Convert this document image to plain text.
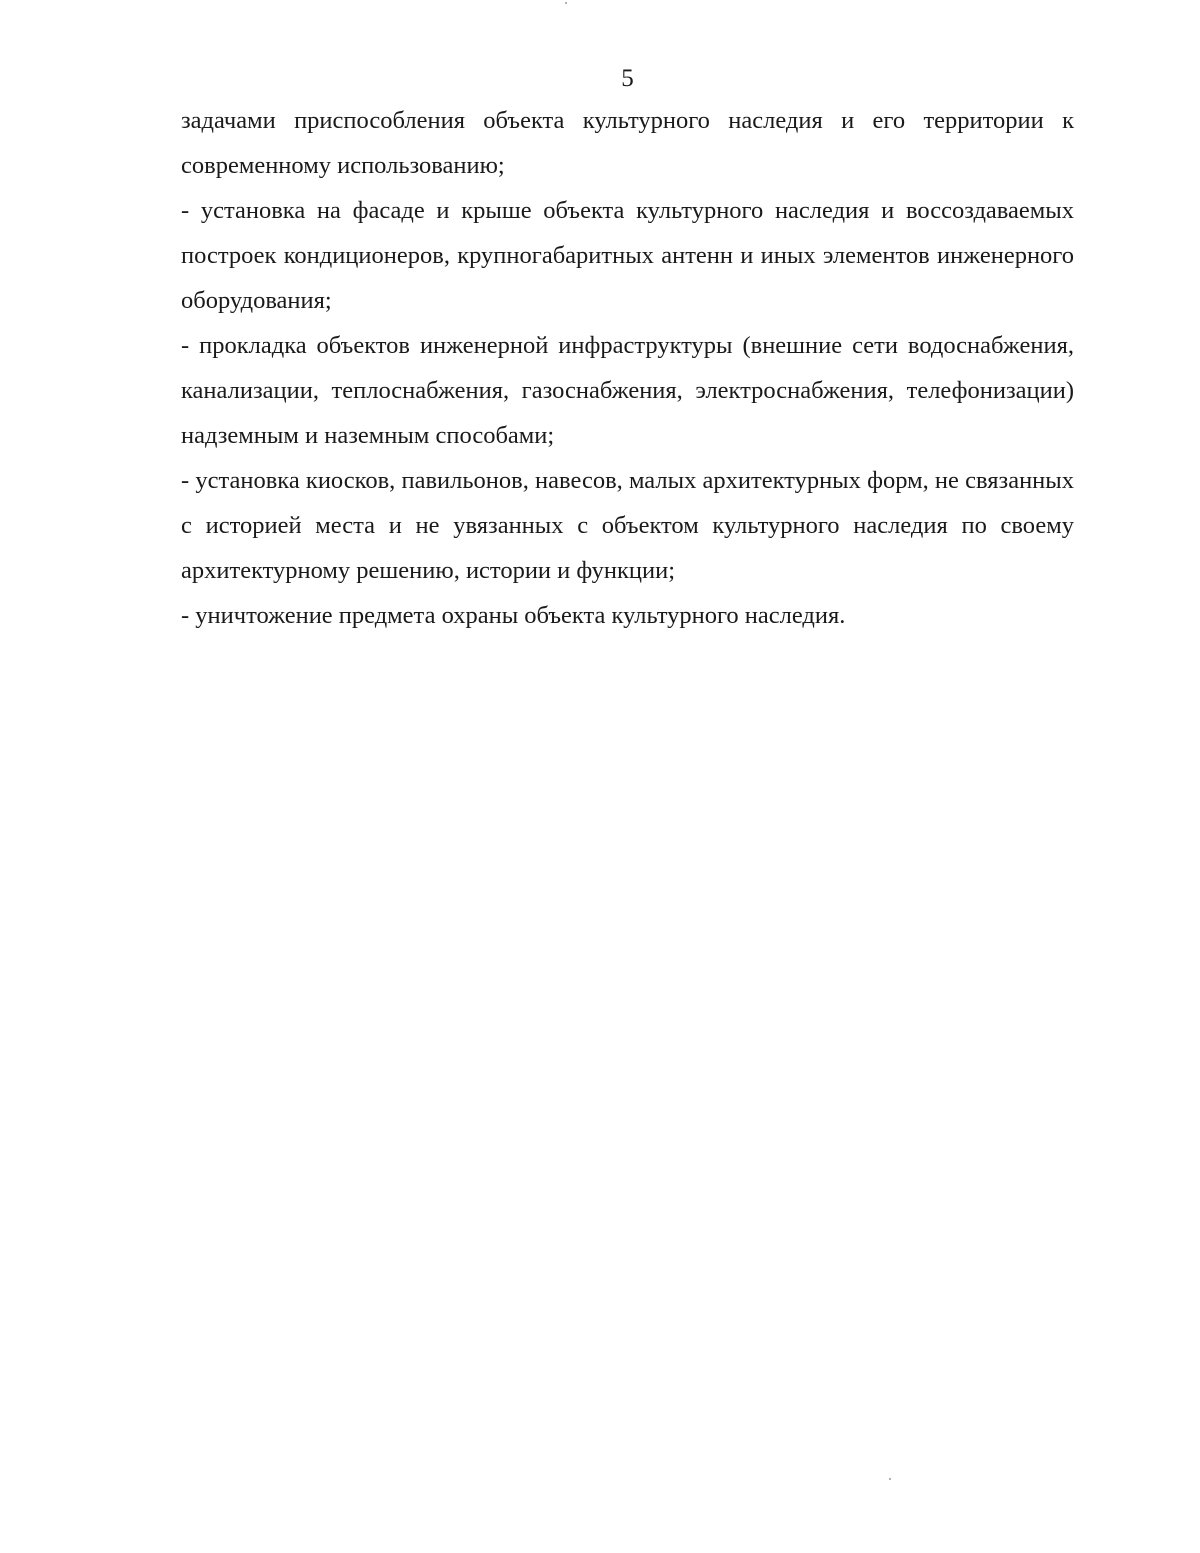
5

задачами приспособления объекта культурного наследия и его территории к современному использованию;

- установка на фасаде и крыше объекта культурного наследия и воссоздаваемых построек кондиционеров, крупногабаритных антенн и иных элементов инженерного оборудования;

- прокладка объектов инженерной инфраструктуры (внешние сети водоснабжения, канализации, теплоснабжения, газоснабжения, электроснабжения, телефонизации) надземным и наземным способами;

- установка киосков, павильонов, навесов, малых архитектурных форм, не связанных с историей места и не увязанных с объектом культурного наследия по своему архитектурному решению, истории и функции;

- уничтожение предмета охраны объекта культурного наследия.
